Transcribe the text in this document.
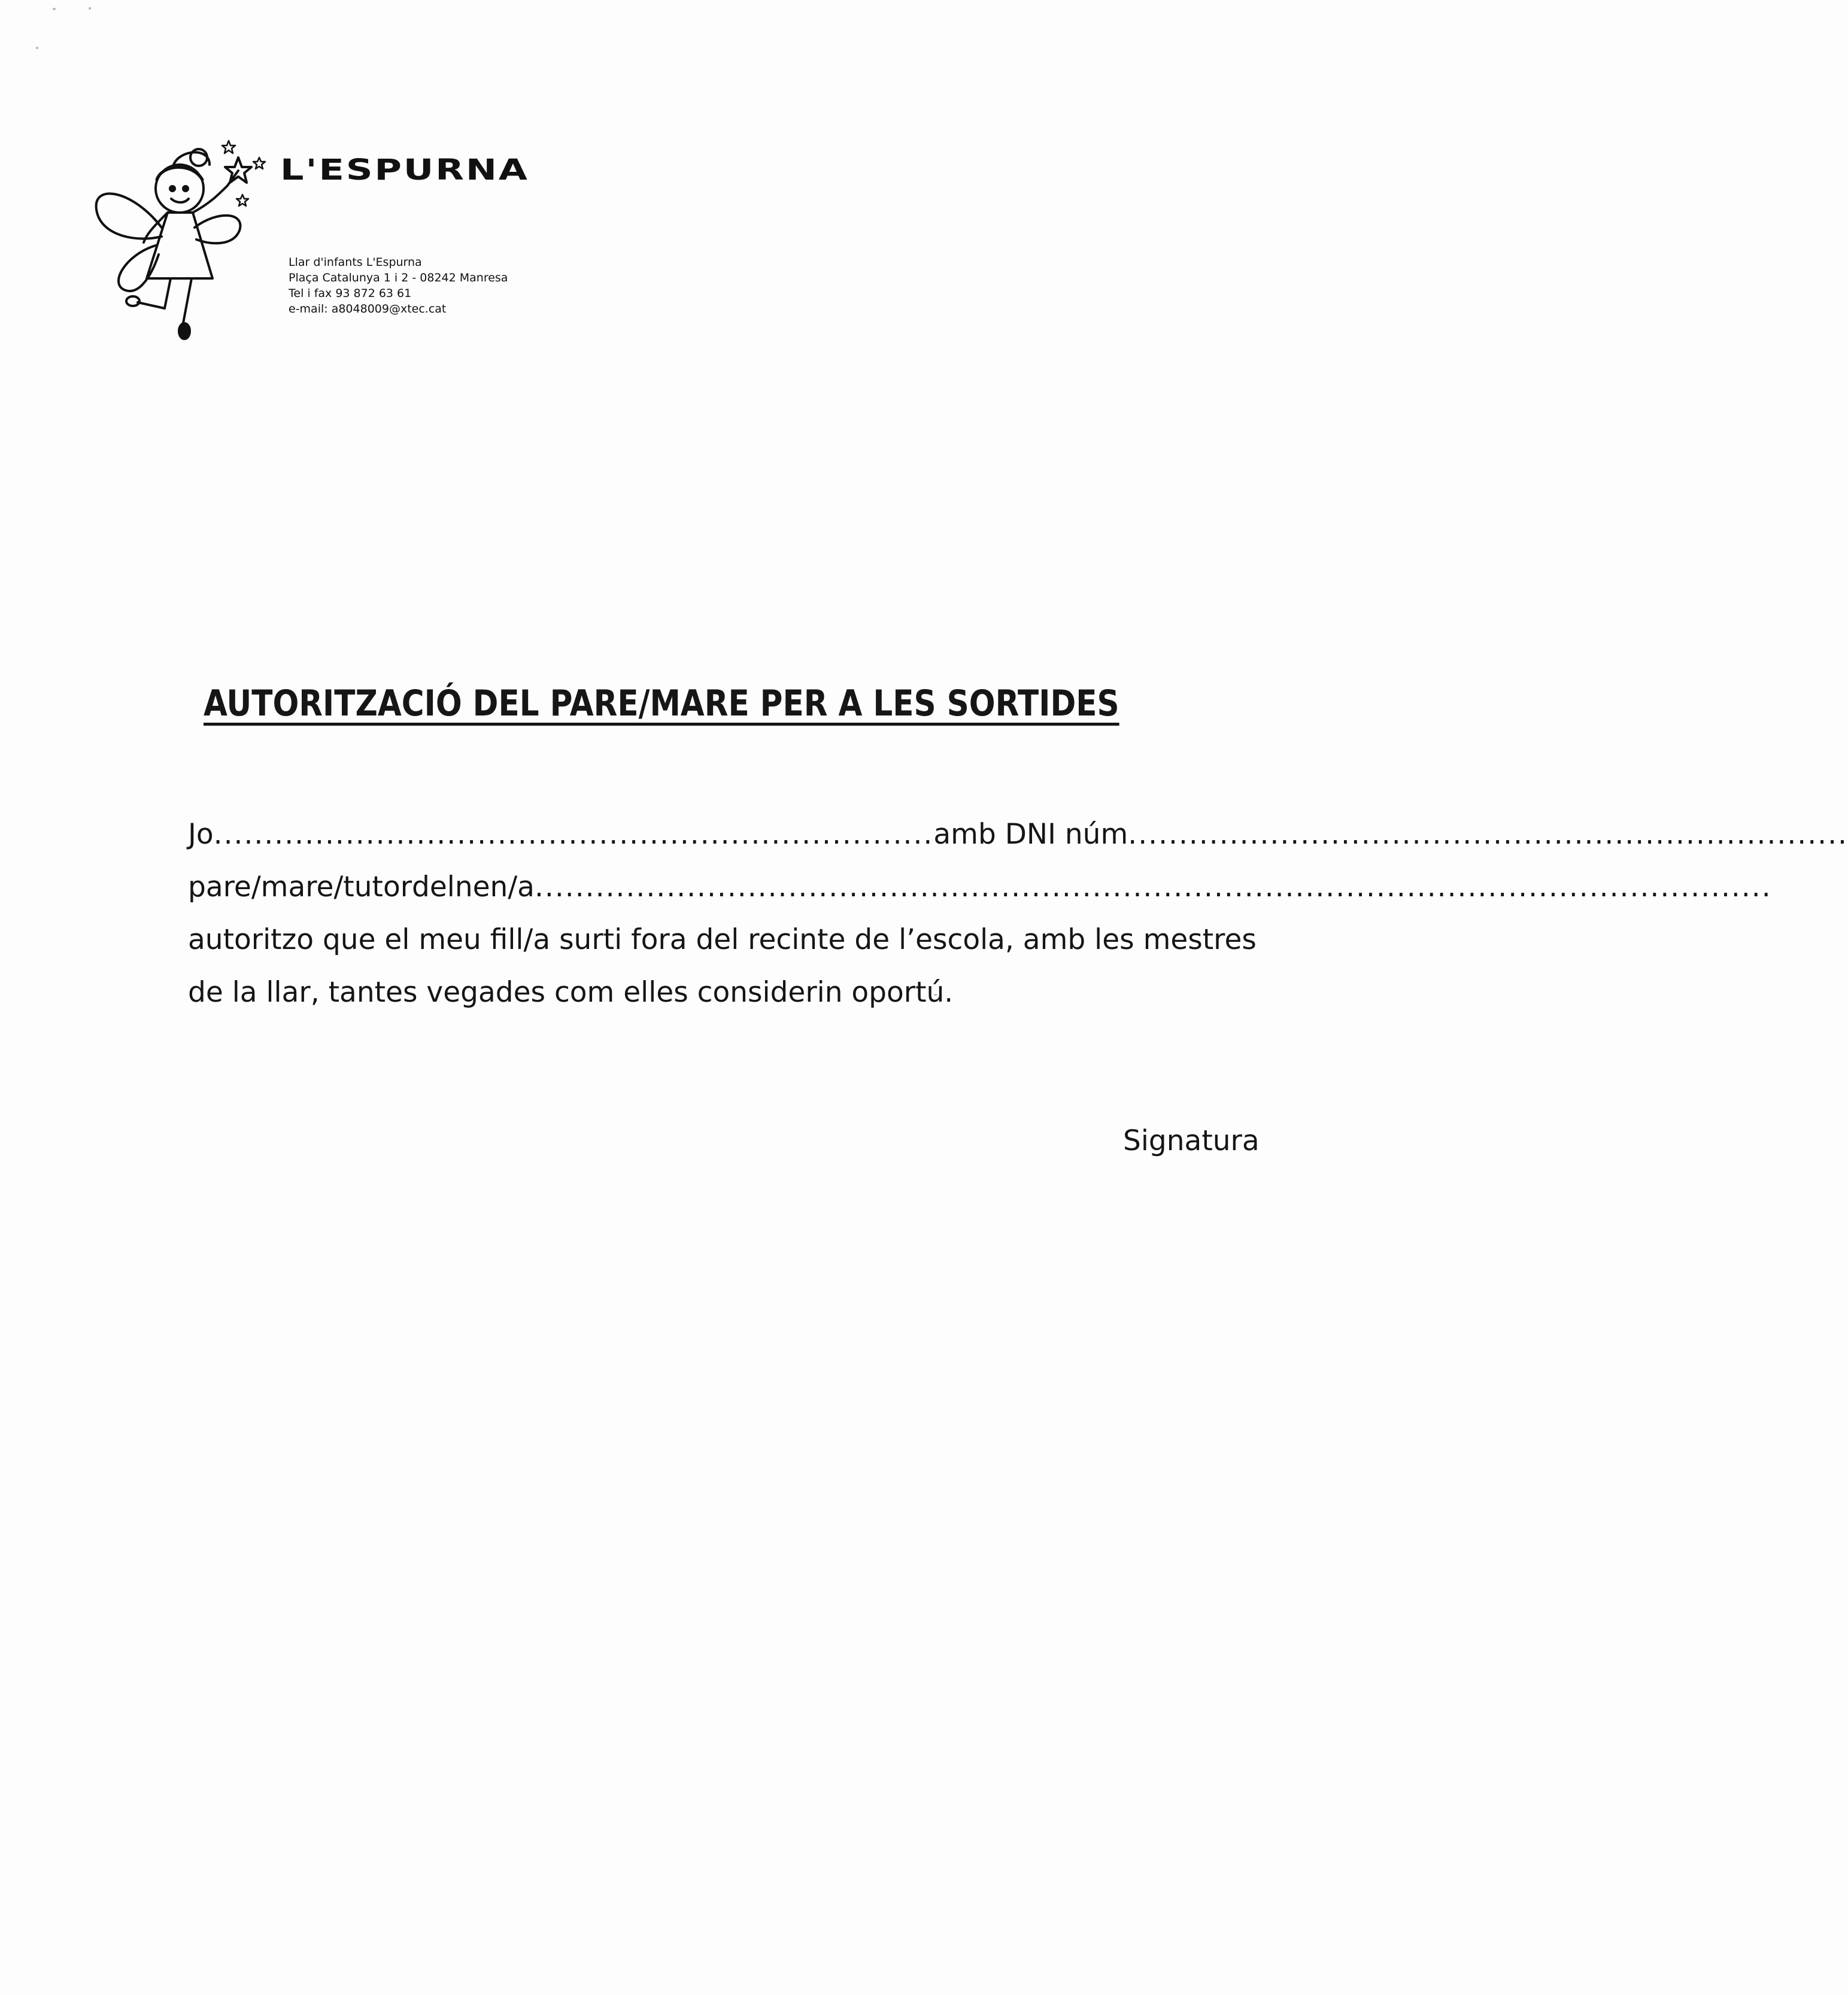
L'ESPURNA
Llar d'infants L'Espurna
Plaça Catalunya 1 i 2 - 08242 Manresa
Tel i fax 93 872 63 61
e-mail: a8048009@xtec.cat
AUTORITZACIÓ DEL PARE/MARE PER A LES SORTIDES
Jo ....................................................................... amb DNI núm .......................................................................
pare/mare/tutor del nen/a ..........................................................................................................................
autoritzo que el meu fill/a surti fora del recinte de l’escola, amb les mestres
de la llar, tantes vegades com elles considerin oportú.
Signatura
